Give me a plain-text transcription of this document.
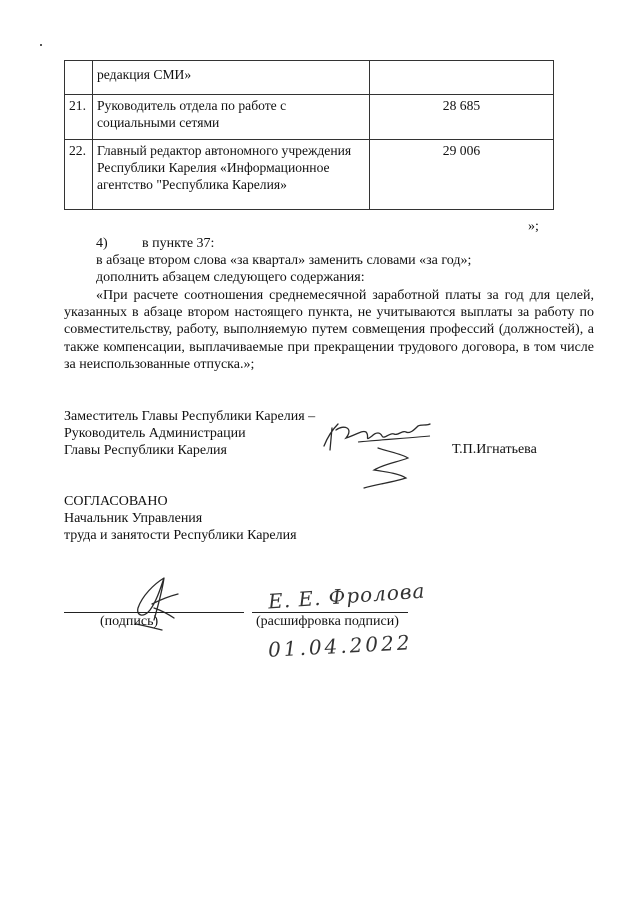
	редакция СМИ»	
21.	Руководитель отдела по работе с социальными сетями	28 685
22.	Главный редактор автономного учреждения Республики Карелия «Информационное агентство "Республика Карелия»	29 006
»;
4) в пункте 37:
в абзаце втором слова «за квартал» заменить словами «за год»;
дополнить абзацем следующего содержания:
«При расчете соотношения среднемесячной заработной платы за год для целей, указанных в абзаце втором настоящего пункта, не учитываются выплаты за работу по совместительству, работу, выполняемую путем совмещения профессий (должностей), а также компенсации, выплачиваемые при прекращении трудового договора, в том числе за неиспользованные отпуска.»;
Заместитель Главы Республики Карелия –
Руководитель Администрации
Главы Республики Карелия	Т.П.Игнатьева
СОГЛАСОВАНО
Начальник Управления
труда и занятости Республики Карелия
Е. Е. Фролова
(подпись)	(расшифровка подписи)
01.04.2022
